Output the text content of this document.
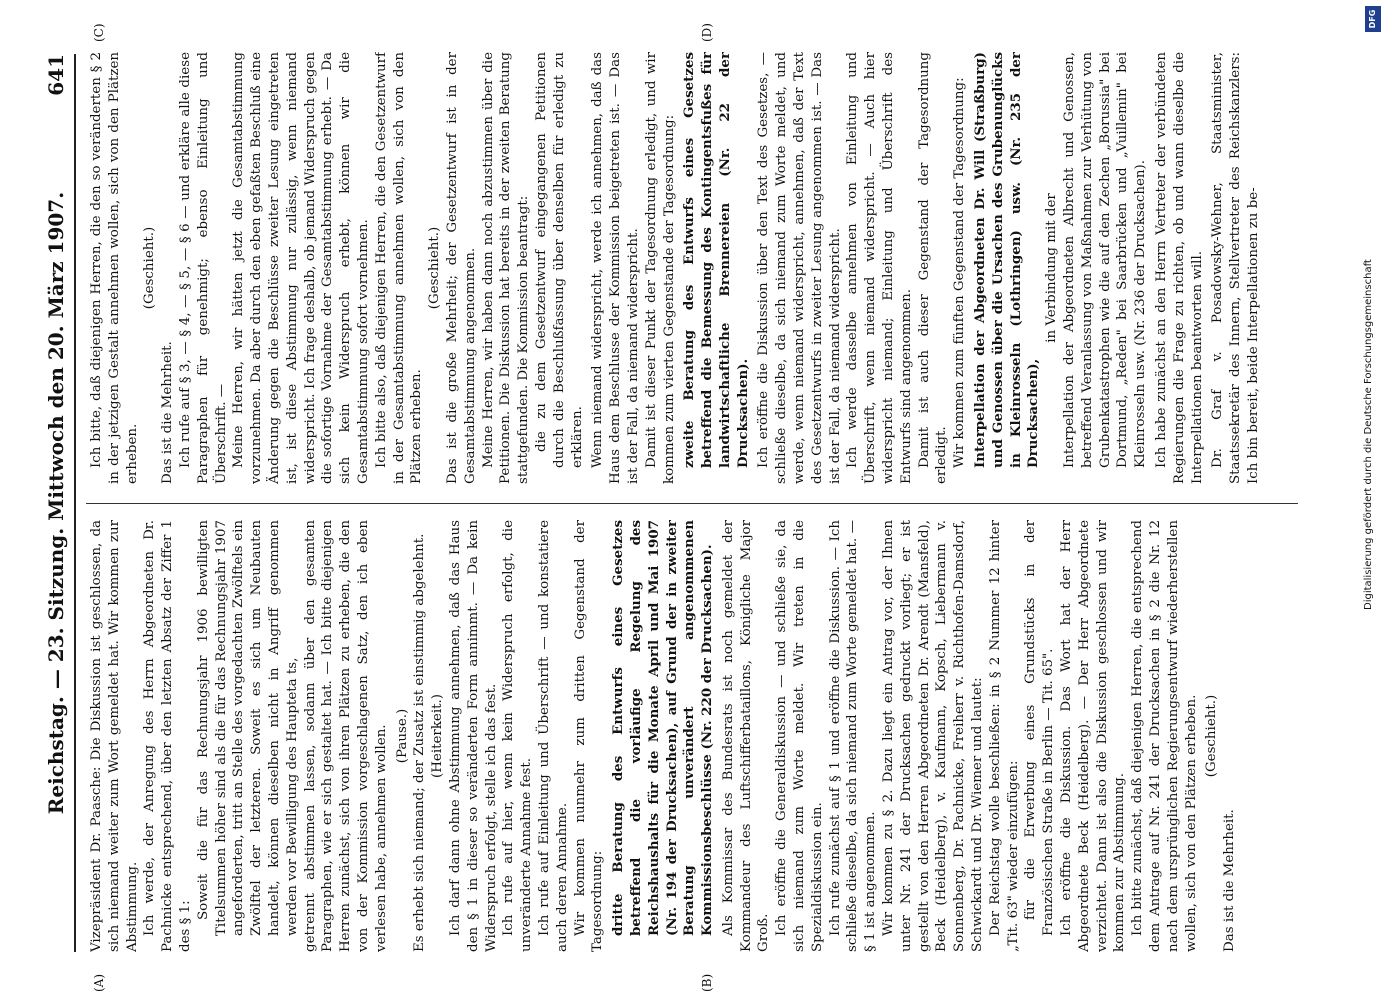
Reichstag. — 23. Sitzung. Mittwoch den 20. März 1907.
641
(A)	(B)
(C)	(D)

Vizepräsident Dr. Paasche: Die Diskussion ist geschlossen, da sich niemand weiter zum Wort gemeldet hat. Wir kommen zur Abstimmung. Ich werde, der Anregung des Herrn Abgeordneten Dr. Pachnicke entsprechend, über den letzten Absatz der Ziffer 1 des § 1:

Soweit die für das Rechnungsjahr 1906 bewilligten Titelsummen höher sind als die für das Rechnungsjahr 1907 angeforderten, tritt an Stelle des vorgedachten Zwölftels ein Zwölftel der letzteren. Soweit es sich um Neubauten handelt, können dieselben nicht in Angriff genommen werden vor Bewilligung des Haupteta ts, getrennt abstimmen lassen, sodann über den gesamten Paragraphen, wie er sich gestaltet hat. — Ich bitte diejenigen Herren zunächst, sich von ihren Plätzen zu erheben, die den von der Kommission vorgeschlagenen Satz, den ich eben verlesen habe, annehmen wollen. (Pause.) Es erhebt sich niemand; der Zusatz ist einstimmig abgelehnt. (Heiterkeit.) Ich darf dann ohne Abstimmung annehmen, daß das Haus den § 1 in dieser so veränderten Form annimmt. — Da kein Widerspruch erfolgt, stelle ich das fest. Ich rufe auf hier, wenn kein Widerspruch erfolgt, die unveränderte Annahme fest. Ich rufe auf Einleitung und Überschrift — und konstatiere auch deren Annahme. Wir kommen nunmehr zum dritten Gegenstand der Tagesordnung: dritte Beratung des Entwurfs eines Gesetzes betreffend die vorläufige Regelung des Reichshaushalts für die Monate April und Mai 1907 (Nr. 194 der Drucksachen), auf Grund der in zweiter Beratung unverändert angenommenen Kommissionsbeschlüsse (Nr. 220 der Drucksachen). Als Kommissar des Bundesrats ist noch gemeldet der Kommandeur des Luftschifferbataillons, Königliche Major Groß. Ich eröffne die Generaldiskussion — und schließe sie, da sich niemand zum Worte meldet. Wir treten in die Spezialdiskussion ein. Ich rufe zunächst auf § 1 und eröffne die Diskussion. — Ich schließe dieselbe, da sich niemand zum Worte gemeldet hat. — § 1 ist angenommen. Wir kommen zu § 2. Dazu liegt ein Antrag vor, der Ihnen unter Nr. 241 der Drucksachen gedruckt vorliegt; er ist gestellt von den Herren Abgeordneten Dr. Arendt (Mansfeld), Beck (Heidelberg), v. Kaufmann, Kopsch, Liebermann v. Sonnenberg, Dr. Pachnicke, Freiherr v. Richthofen-Damsdorf, Schwickardt und Dr. Wiemer und lautet: Der Reichstag wolle beschließen: in § 2 Nummer 12 hinter „Tit. 63" wieder einzufügen: für die Erwerbung eines Grundstücks in der Französischen Straße in Berlin — Tit. 65". Ich eröffne die Diskussion. Das Wort hat der Herr Abgeordnete Beck (Heidelberg). — Der Herr Abgeordnete verzichtet. Dann ist also die Diskussion geschlossen und wir kommen zur Abstimmung. Ich bitte zunächst, daß diejenigen Herren, die entsprechend dem Antrage auf Nr. 241 der Drucksachen in § 2 die Nr. 12 nach dem ursprünglichen Regierungsentwurf wiederherstellen wollen, sich von den Plätzen erheben. (Geschieht.)

Das ist die Mehrheit.

Ich bitte, daß diejenigen Herren, die den so veränderten § 2 in der jetzigen Gestalt annehmen wollen, sich von den Plätzen erheben.

(Geschieht.)

Das ist die Mehrheit. Ich rufe auf § 3, — § 4, — § 5, — § 6 — und erkläre alle diese Paragraphen für genehmigt; ebenso Einleitung und Überschrift. — Meine Herren, wir hätten jetzt die Gesamtabstimmung vorzunehmen. Da aber durch den eben gefaßten Beschluß eine Änderung gegen die Beschlüsse zweiter Lesung eingetreten ist, ist diese Abstimmung nur zulässig, wenn niemand widerspricht. Ich frage deshalb, ob jemand Widerspruch gegen die sofortige Vornahme der Gesamtabstimmung erhebt. — Da sich kein Widerspruch erhebt, können wir die Gesamtabstimmung sofort vornehmen. Ich bitte also, daß diejenigen Herren, die den Gesetzentwurf in der Gesamtabstimmung annehmen wollen, sich von den Plätzen erheben.

(Geschieht.) Das ist die große Mehrheit; der Gesetzentwurf ist in der Gesamtabstimmung angenommen. Meine Herren, wir haben dann noch abzustimmen über die Petitionen. Die Diskussion hat bereits in der zweiten Beratung stattgefunden. Die Kommission beantragt: die zu dem Gesetzentwurf eingegangenen Petitionen durch die Beschlußfassung über denselben für erledigt zu erklären. Wenn niemand widerspricht, werde ich annehmen, daß das Haus dem Beschlusse der Kommission beigetreten ist. — Das ist der Fall, da niemand widerspricht. Damit ist dieser Punkt der Tagesordnung erledigt, und wir kommen zum vierten Gegenstande der Tagesordnung: zweite Beratung des Entwurfs eines Gesetzes betreffend die Bemessung des Kontingentsfußes für landwirtschaftliche Brennereien (Nr. 22 der Drucksachen). Ich eröffne die Diskussion über den Text des Gesetzes, — schließe dieselbe, da sich niemand zum Worte meldet, und werde, wenn niemand widerspricht, annehmen, daß der Text des Gesetzentwurfs in zweiter Lesung angenommen ist. — Das ist der Fall, da niemand widerspricht. Ich werde dasselbe annehmen von Einleitung und Überschrift, wenn niemand widerspricht. — Auch hier widerspricht niemand; Einleitung und Überschrift des Entwurfs sind angenommen. Damit ist auch dieser Gegenstand der Tagesordnung erledigt. Wir kommen zum fünften Gegenstand der Tagesordnung: Interpellation der Abgeordneten Dr. Will (Straßburg) und Genossen über die Ursachen des Grubenunglücks in Kleinrosseln (Lothringen) usw. (Nr. 235 der Drucksachen),

in Verbindung mit der Interpellation der Abgeordneten Albrecht und Genossen, betreffend Veranlassung von Maßnahmen zur Verhütung von Grubenkatastrophen wie die auf den Zechen „Borussia" bei Dortmund, „Reden" bei Saarbrücken und „Vuillemin" bei Kleinrosseln usw. (Nr. 236 der Drucksachen). Ich habe zunächst an den Herrn Vertreter der verbündeten Regierungen die Frage zu richten, ob und wann dieselbe die Interpellationen beantworten will. Dr. Graf v. Posadowsky-Wehner, Staatsminister, Staatssekretär des Innern, Stellvertreter des Reichskanzlers: Ich bin bereit, beide Interpellationen zu be-	Digitalisierung gefördert durch die Deutsche Forschungsgemeinschaft
DFG
